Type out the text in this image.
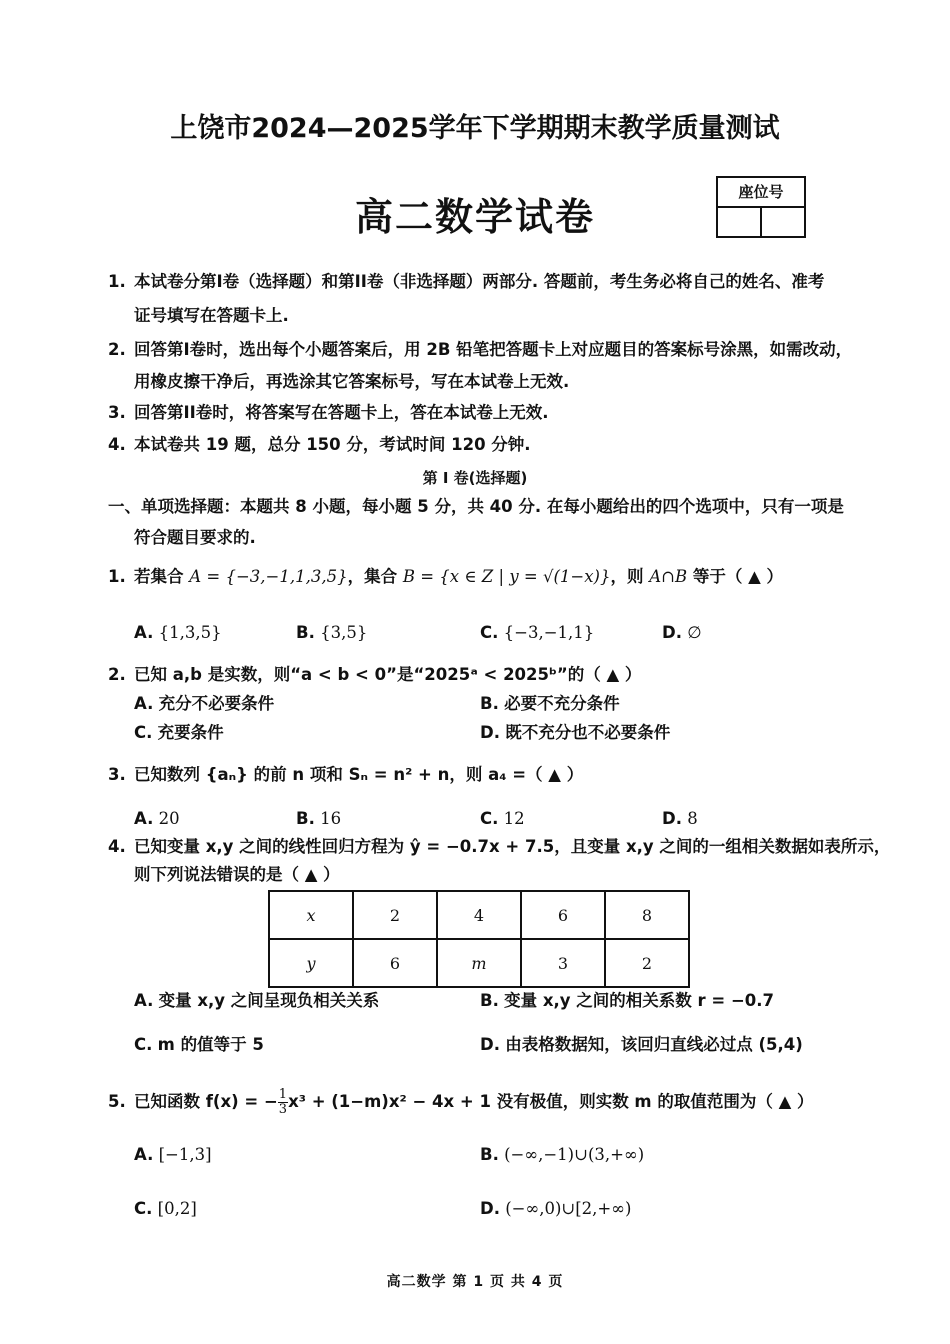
上饶市2024—2025学年下学期期末教学质量测试
高二数学试卷
座位号
1. 本试卷分第I卷（选择题）和第II卷（非选择题）两部分. 答题前，考生务必将自己的姓名、准考
证号填写在答题卡上.
2. 回答第I卷时，选出每个小题答案后，用 2B 铅笔把答题卡上对应题目的答案标号涂黑，如需改动，
用橡皮擦干净后，再选涂其它答案标号，写在本试卷上无效.
3. 回答第II卷时，将答案写在答题卡上，答在本试卷上无效.
4. 本试卷共 19 题，总分 150 分，考试时间 120 分钟.
第 I 卷(选择题)
一、单项选择题：本题共 8 小题，每小题 5 分，共 40 分. 在每小题给出的四个选项中，只有一项是
符合题目要求的.
1. 若集合 A = {−3,−1,1,3,5}，集合 B = {x ∈ Z | y = √(1−x)}，则 A∩B 等于（ ▲ ）
A. {1,3,5}	B. {3,5}	C. {−3,−1,1}	D. ∅
2. 已知 a,b 是实数，则“a < b < 0”是“2025ᵃ < 2025ᵇ”的（ ▲ ）
A. 充分不必要条件	B. 必要不充分条件
C. 充要条件	D. 既不充分也不必要条件
3. 已知数列 {aₙ} 的前 n 项和 Sₙ = n² + n，则 a₄ =（ ▲ ）
A. 20	B. 16	C. 12	D. 8
4. 已知变量 x,y 之间的线性回归方程为 ŷ = −0.7x + 7.5，且变量 x,y 之间的一组相关数据如表所示，
则下列说法错误的是（ ▲ ）
x	2	4	6	8
y	6	m	3	2
A. 变量 x,y 之间呈现负相关关系	B. 变量 x,y 之间的相关系数 r = −0.7
C. m 的值等于 5	D. 由表格数据知，该回归直线必过点 (5,4)
5. 已知函数 f(x) = − $\frac{1}{3} x^3 + (1-m)x^2 - 4x + 1$ 没有极值，则实数 m 的取值范围为（ ▲ ）
A. [−1,3]	B. (−∞,−1)∪(3,+∞)
C. [0,2]	D. (−∞,0)∪[2,+∞)
高二数学 第 1 页 共 4 页
